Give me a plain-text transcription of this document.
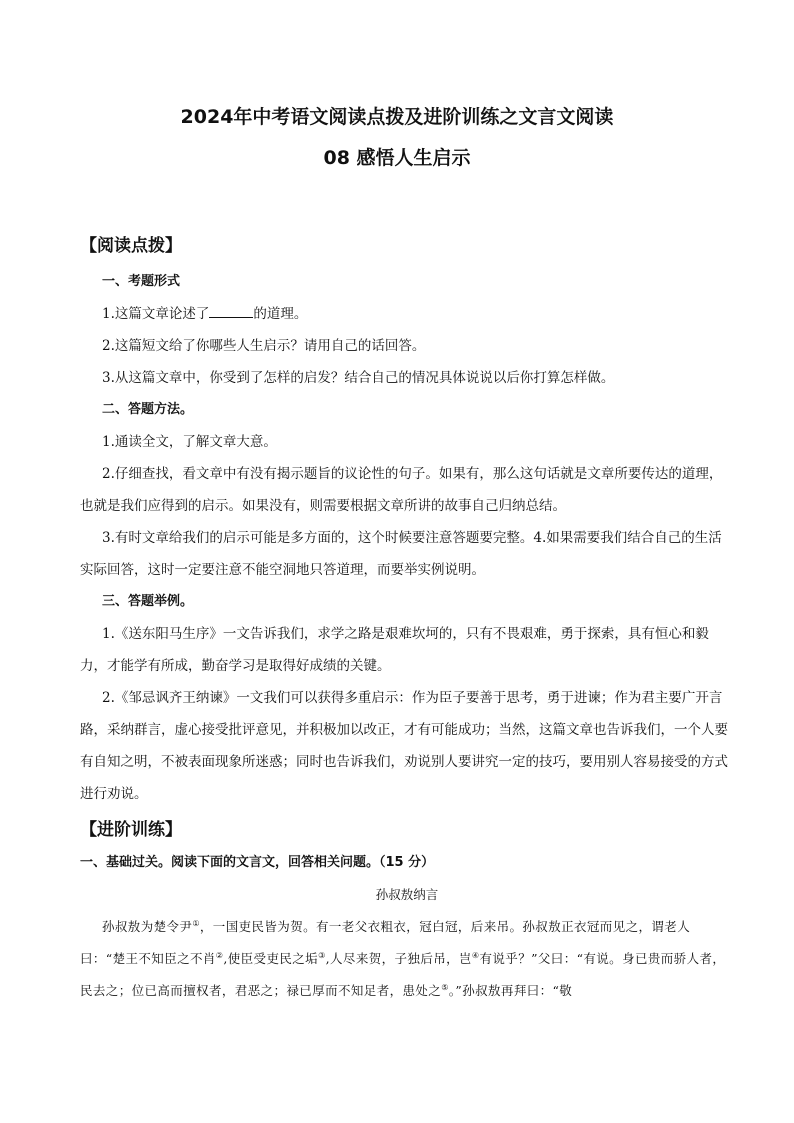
2024年中考语文阅读点拨及进阶训练之文言文阅读
08 感悟人生启示
【阅读点拨】

一、考题形式

1.这篇文章论述了	的道理。

2.这篇短文给了你哪些人生启示？请用自己的话回答。

3.从这篇文章中，你受到了怎样的启发？结合自己的情况具体说说以后你打算怎样做。

二、答题方法。

1.通读全文，了解文章大意。

2.仔细查找，看文章中有没有揭示题旨的议论性的句子。如果有，那么这句话就是文章所要传达的道理，也就是我们应得到的启示。如果没有，则需要根据文章所讲的故事自己归纳总结。

3.有时文章给我们的启示可能是多方面的，这个时候要注意答题要完整。4.如果需要我们结合自己的生活实际回答，这时一定要注意不能空洞地只答道理，而要举实例说明。

三、答题举例。

1.《送东阳马生序》一文告诉我们，求学之路是艰难坎坷的，只有不畏艰难，勇于探索，具有恒心和毅力，才能学有所成，勤奋学习是取得好成绩的关键。

2.《邹忌讽齐王纳谏》一文我们可以获得多重启示：作为臣子要善于思考，勇于进谏；作为君主要广开言路，采纳群言，虚心接受批评意见，并积极加以改正，才有可能成功；当然，这篇文章也告诉我们，一个人要有自知之明，不被表面现象所迷惑；同时也告诉我们，劝说别人要讲究一定的技巧，要用别人容易接受的方式进行劝说。

【进阶训练】

一、基础过关。阅读下面的文言文，回答相关问题。（15 分）

孙叔敖纳言

孙叔敖为楚令尹①，一国吏民皆为贺。有一老父衣粗衣，冠白冠，后来吊。孙叔敖正衣冠而见之，谓老人曰：“楚王不知臣之不肖②,使臣受吏民之垢③,人尽来贺，子独后吊，岂④有说乎？”父曰：“有说。身已贵而骄人者，民去之；位已高而擅权者，君恶之；禄已厚而不知足者，患处之⑤。”孙叔敖再拜曰：“敬
